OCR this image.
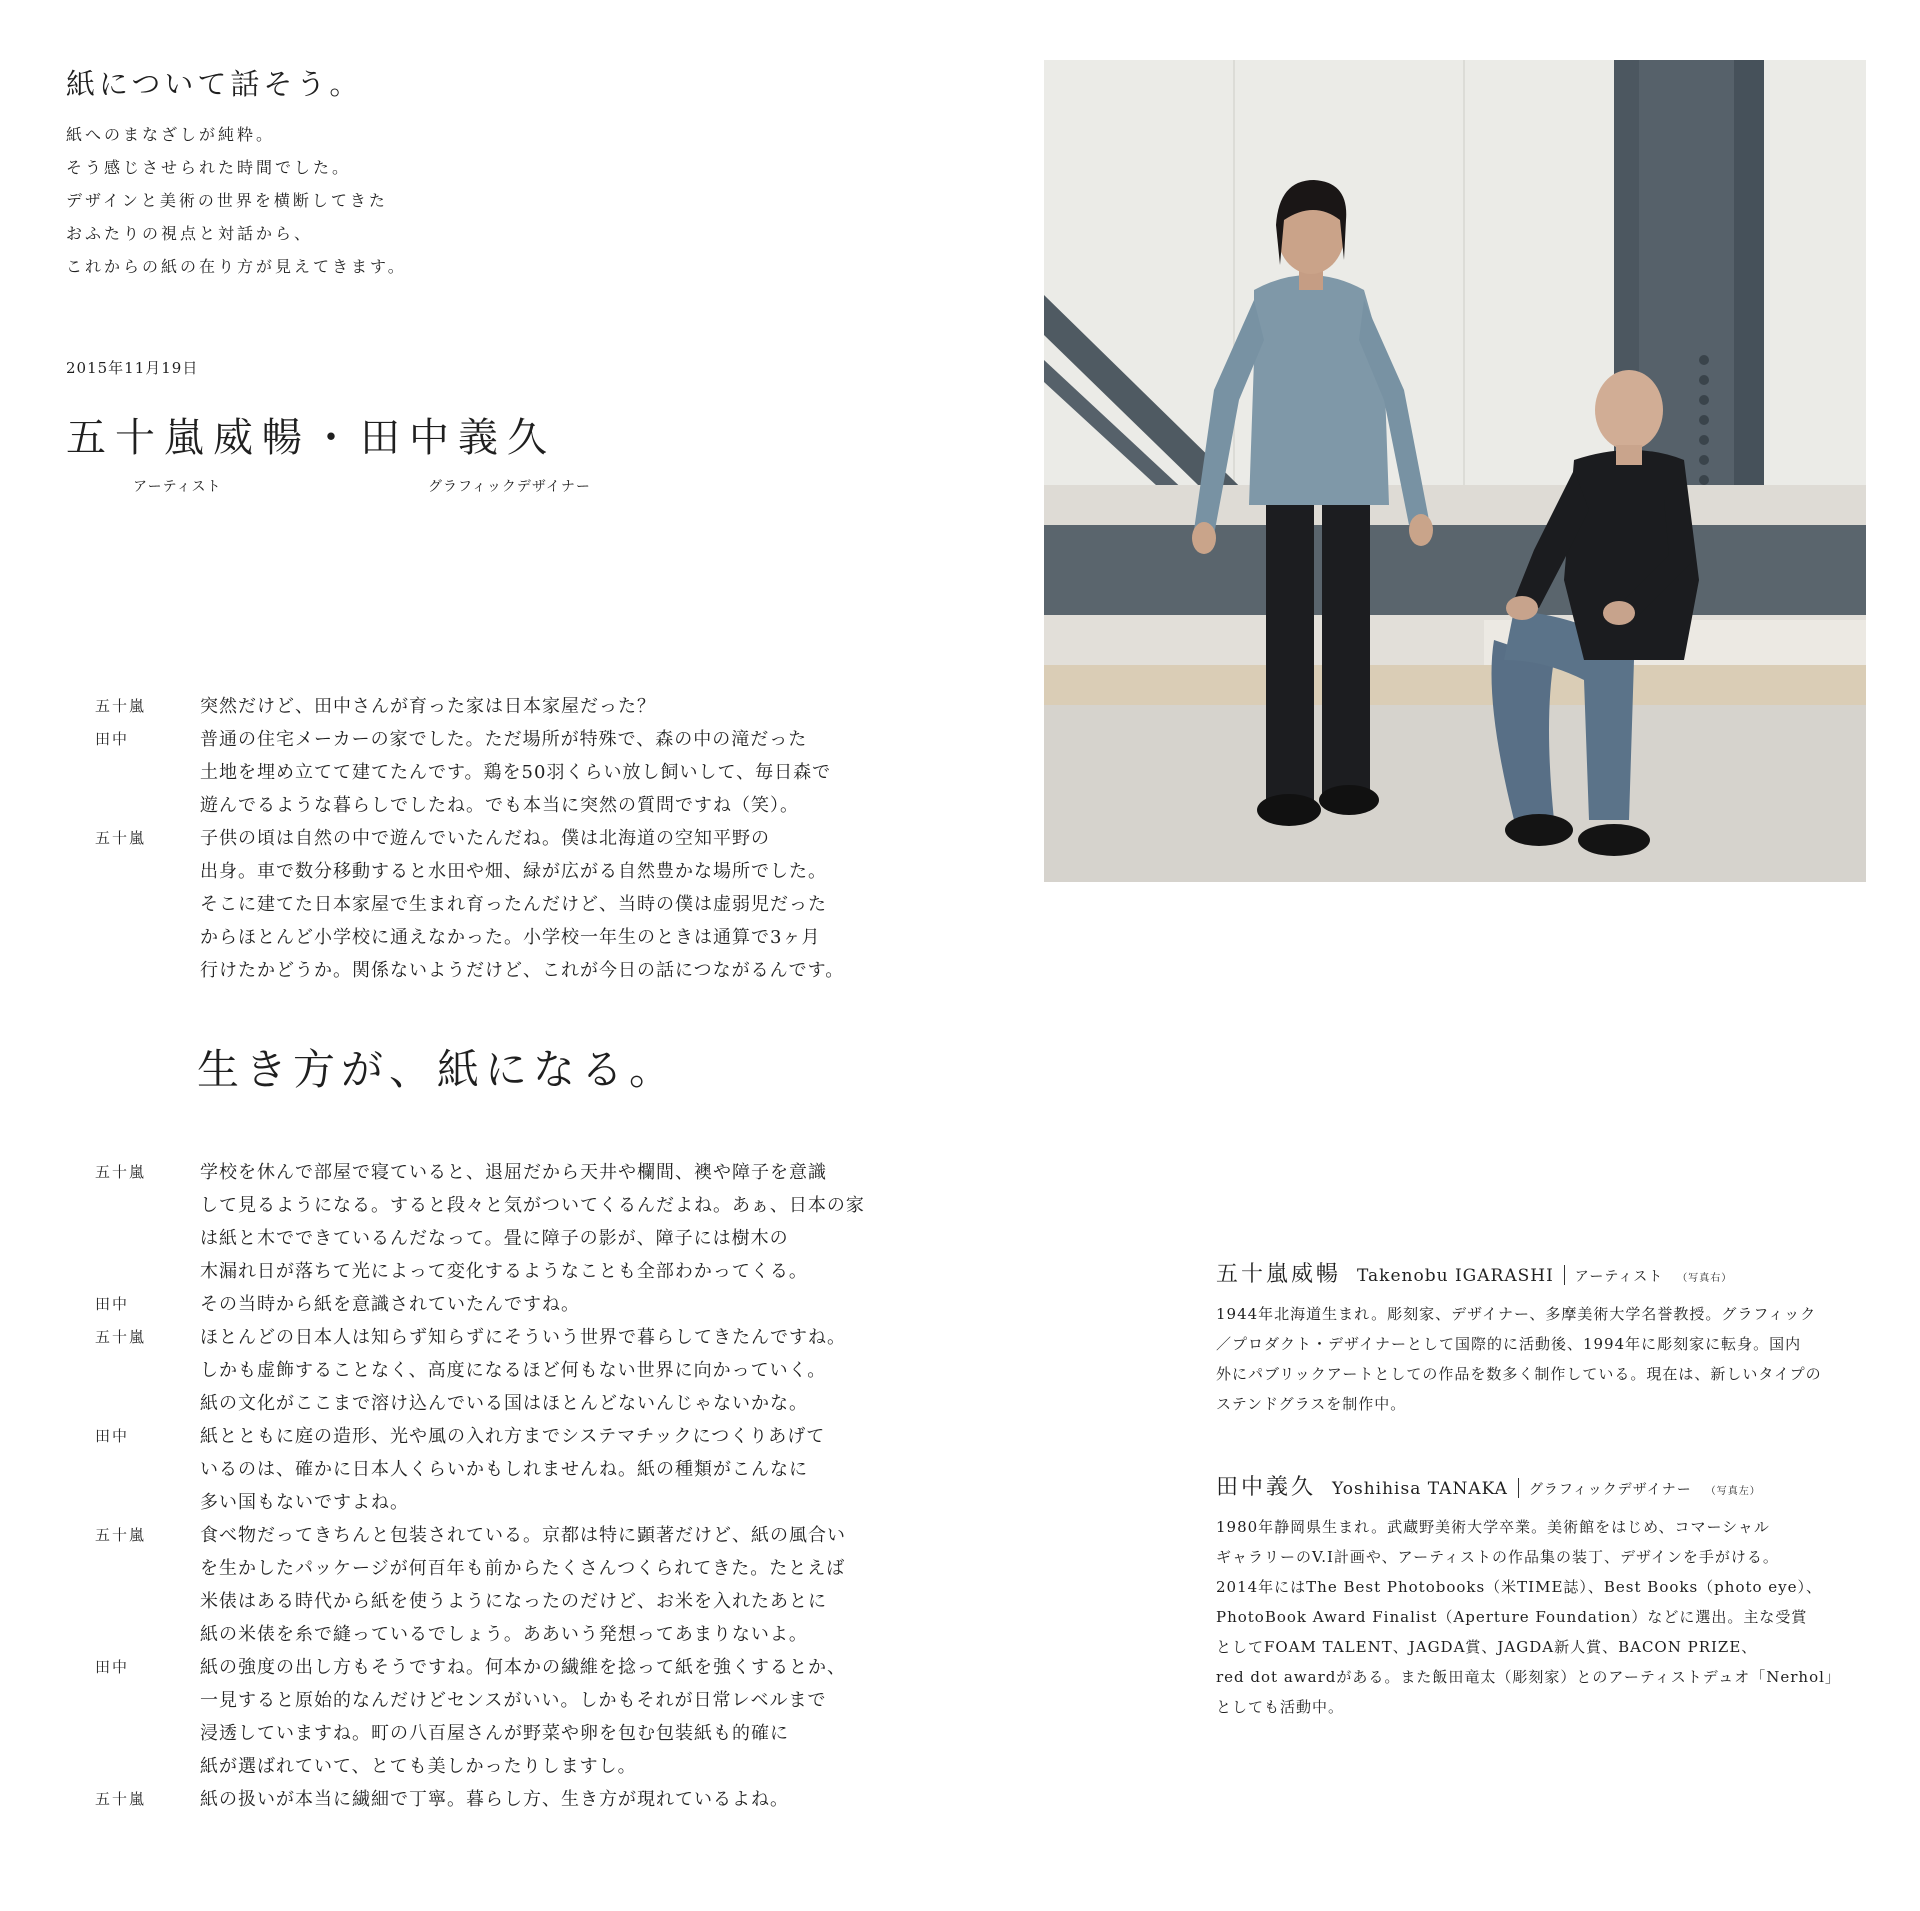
紙について話そう。
紙へのまなざしが純粋。
そう感じさせられた時間でした。
デザインと美術の世界を横断してきた
おふたりの視点と対話から、
これからの紙の在り方が見えてきます。
2015年11月19日
五十嵐威暢・田中義久
アーティスト	グラフィックデザイナー
五十嵐	突然だけど、田中さんが育った家は日本家屋だった？
田中	普通の住宅メーカーの家でした。ただ場所が特殊で、森の中の滝だった
土地を埋め立てて建てたんです。鶏を50羽くらい放し飼いして、毎日森で
遊んでるような暮らしでしたね。でも本当に突然の質問ですね（笑）。
五十嵐	子供の頃は自然の中で遊んでいたんだね。僕は北海道の空知平野の
出身。車で数分移動すると水田や畑、緑が広がる自然豊かな場所でした。
そこに建てた日本家屋で生まれ育ったんだけど、当時の僕は虚弱児だった
からほとんど小学校に通えなかった。小学校一年生のときは通算で3ヶ月
行けたかどうか。関係ないようだけど、これが今日の話につながるんです。
生き方が、紙になる。
五十嵐	学校を休んで部屋で寝ていると、退屈だから天井や欄間、襖や障子を意識
して見るようになる。すると段々と気がついてくるんだよね。あぁ、日本の家
は紙と木でできているんだなって。畳に障子の影が、障子には樹木の
木漏れ日が落ちて光によって変化するようなことも全部わかってくる。
田中	その当時から紙を意識されていたんですね。
五十嵐	ほとんどの日本人は知らず知らずにそういう世界で暮らしてきたんですね。
しかも虚飾することなく、高度になるほど何もない世界に向かっていく。
紙の文化がここまで溶け込んでいる国はほとんどないんじゃないかな。
田中	紙とともに庭の造形、光や風の入れ方までシステマチックにつくりあげて
いるのは、確かに日本人くらいかもしれませんね。紙の種類がこんなに
多い国もないですよね。
五十嵐	食べ物だってきちんと包装されている。京都は特に顕著だけど、紙の風合い
を生かしたパッケージが何百年も前からたくさんつくられてきた。たとえば
米俵はある時代から紙を使うようになったのだけど、お米を入れたあとに
紙の米俵を糸で縫っているでしょう。ああいう発想ってあまりないよ。
田中	紙の強度の出し方もそうですね。何本かの繊維を捻って紙を強くするとか、
一見すると原始的なんだけどセンスがいい。しかもそれが日常レベルまで
浸透していますね。町の八百屋さんが野菜や卵を包む包装紙も的確に
紙が選ばれていて、とても美しかったりしますし。
五十嵐	紙の扱いが本当に繊細で丁寧。暮らし方、生き方が現れているよね。
五十嵐威暢 Takenobu IGARASHI アーティスト （写真右）
1944年北海道生まれ。彫刻家、デザイナー、多摩美術大学名誉教授。グラフィック
／プロダクト・デザイナーとして国際的に活動後、1994年に彫刻家に転身。国内
外にパブリックアートとしての作品を数多く制作している。現在は、新しいタイプの
ステンドグラスを制作中。
田中義久 Yoshihisa TANAKA グラフィックデザイナー （写真左）
1980年静岡県生まれ。武蔵野美術大学卒業。美術館をはじめ、コマーシャル
ギャラリーのV.I計画や、アーティストの作品集の装丁、デザインを手がける。
2014年にはThe Best Photobooks（米TIME誌）、Best Books（photo eye）、
PhotoBook Award Finalist（Aperture Foundation）などに選出。主な受賞
としてFOAM TALENT、JAGDA賞、JAGDA新人賞、BACON PRIZE、
red dot awardがある。また飯田竜太（彫刻家）とのアーティストデュオ「Nerhol」
としても活動中。
